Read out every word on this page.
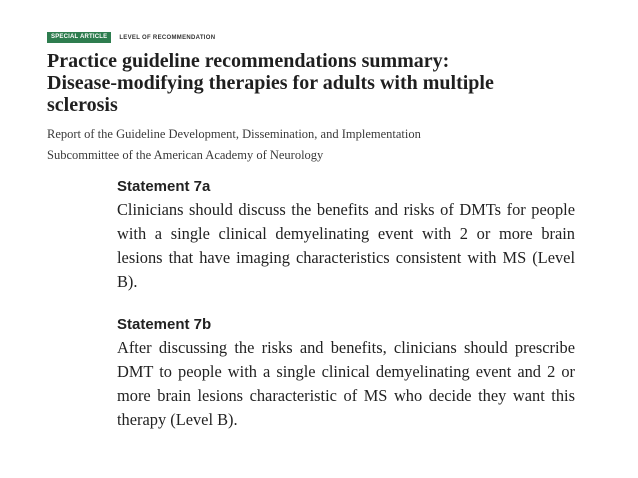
SPECIAL ARTICLE	LEVEL OF RECOMMENDATION
Practice guideline recommendations summary: Disease-modifying therapies for adults with multiple sclerosis

Report of the Guideline Development, Dissemination, and Implementation Subcommittee of the American Academy of Neurology

Statement 7a

Clinicians should discuss the benefits and risks of DMTs for people with a single clinical demyelinating event with 2 or more brain lesions that have imaging characteristics consistent with MS (Level B).

Statement 7b

After discussing the risks and benefits, clinicians should prescribe DMT to people with a single clinical demyelinating event and 2 or more brain lesions characteristic of MS who decide they want this therapy (Level B).
